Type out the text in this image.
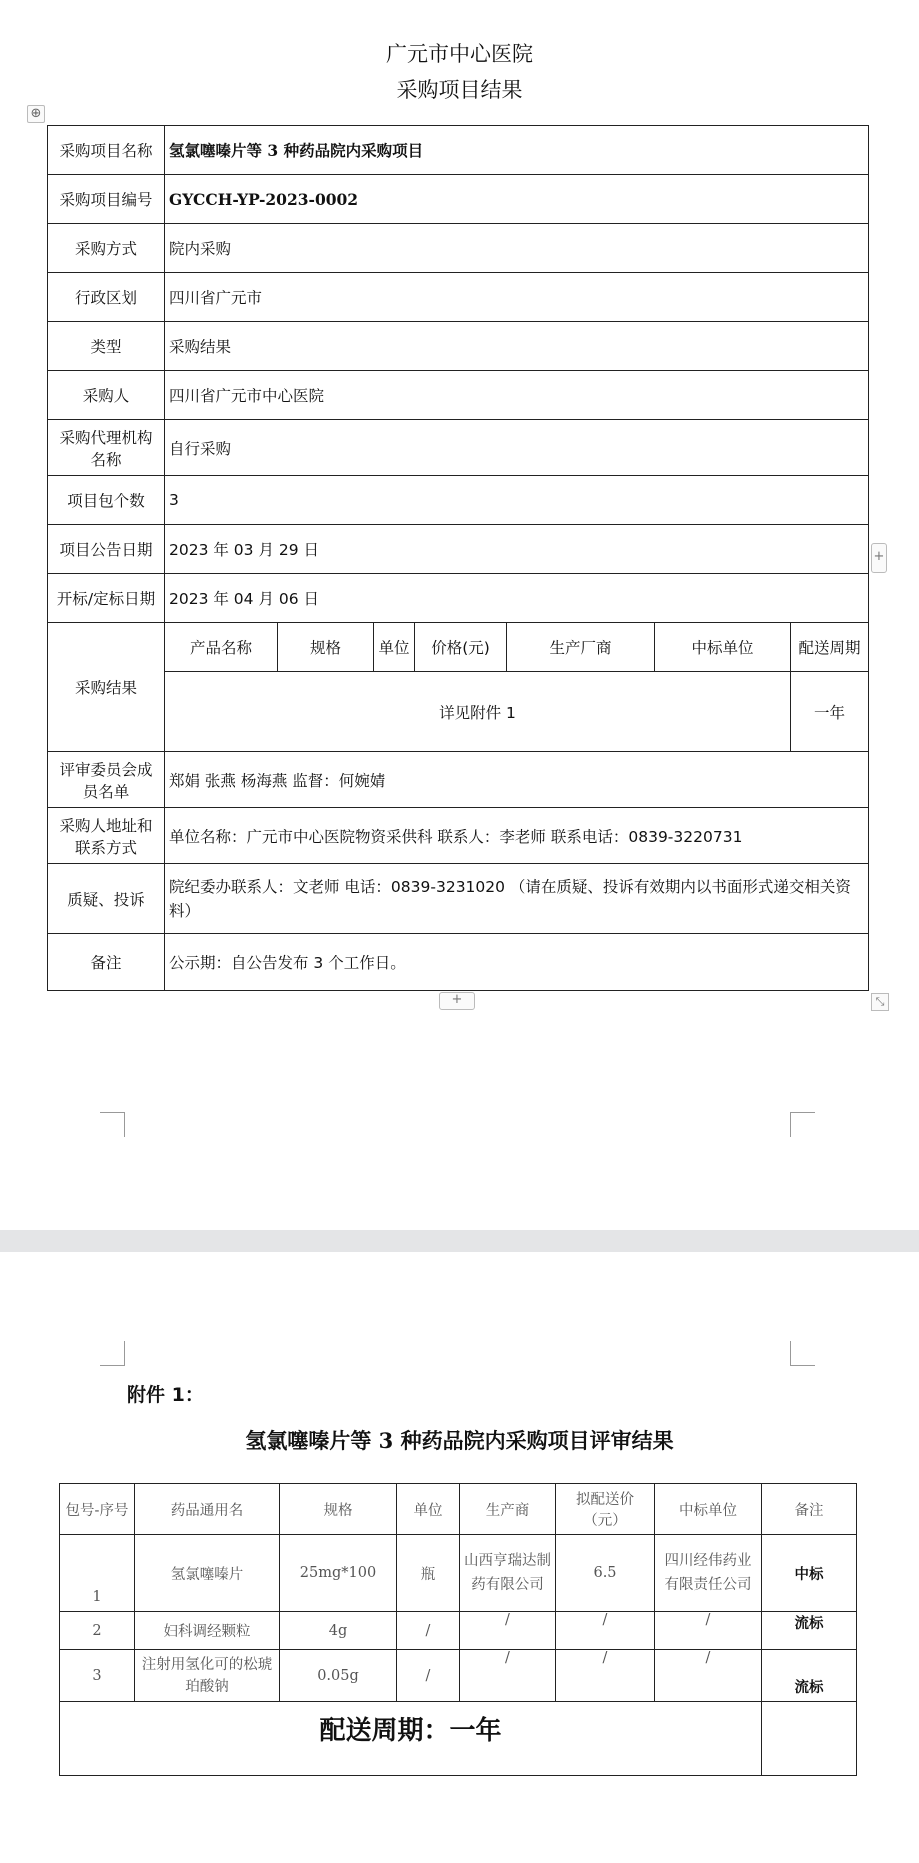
广元市中心医院
采购项目结果
⊕
采购项目名称	氢氯噻嗪片等 3 种药品院内采购项目
采购项目编号	GYCCH-YP-2023-0002
采购方式	院内采购
行政区划	四川省广元市
类型	采购结果
采购人	四川省广元市中心医院
采购代理机构名称	自行采购
项目包个数	3
项目公告日期	2023 年 03 月 29 日
开标/定标日期	2023 年 04 月 06 日
采购结果	
产品名称	规格	单位	价格(元)	生产厂商	中标单位	配送周期
详见附件 1	一年

评审委员会成员名单	郑娟 张燕 杨海燕 监督：何婉婧
采购人地址和联系方式	单位名称：广元市中心医院物资采供科 联系人：李老师 联系电话：0839-3220731
质疑、投诉	院纪委办联系人：文老师 电话：0839-3231020 （请在质疑、投诉有效期内以书面形式递交相关资料）
备注	公示期：自公告发布 3 个工作日。
+
+	⤡
附件 1：
氢氯噻嗪片等 3 种药品院内采购项目评审结果
包号-序号	药品通用名	规格	单位	生产商	拟配送价（元）	中标单位	备注
1	氢氯噻嗪片	25mg*100	瓶	山西亨瑞达制药有限公司	6.5	四川经伟药业有限责任公司	中标
2	妇科调经颗粒	4g	/	/	/	/	流标
3	注射用氢化可的松琥珀酸钠	0.05g	/	/	/	/	流标
配送周期：一年							
